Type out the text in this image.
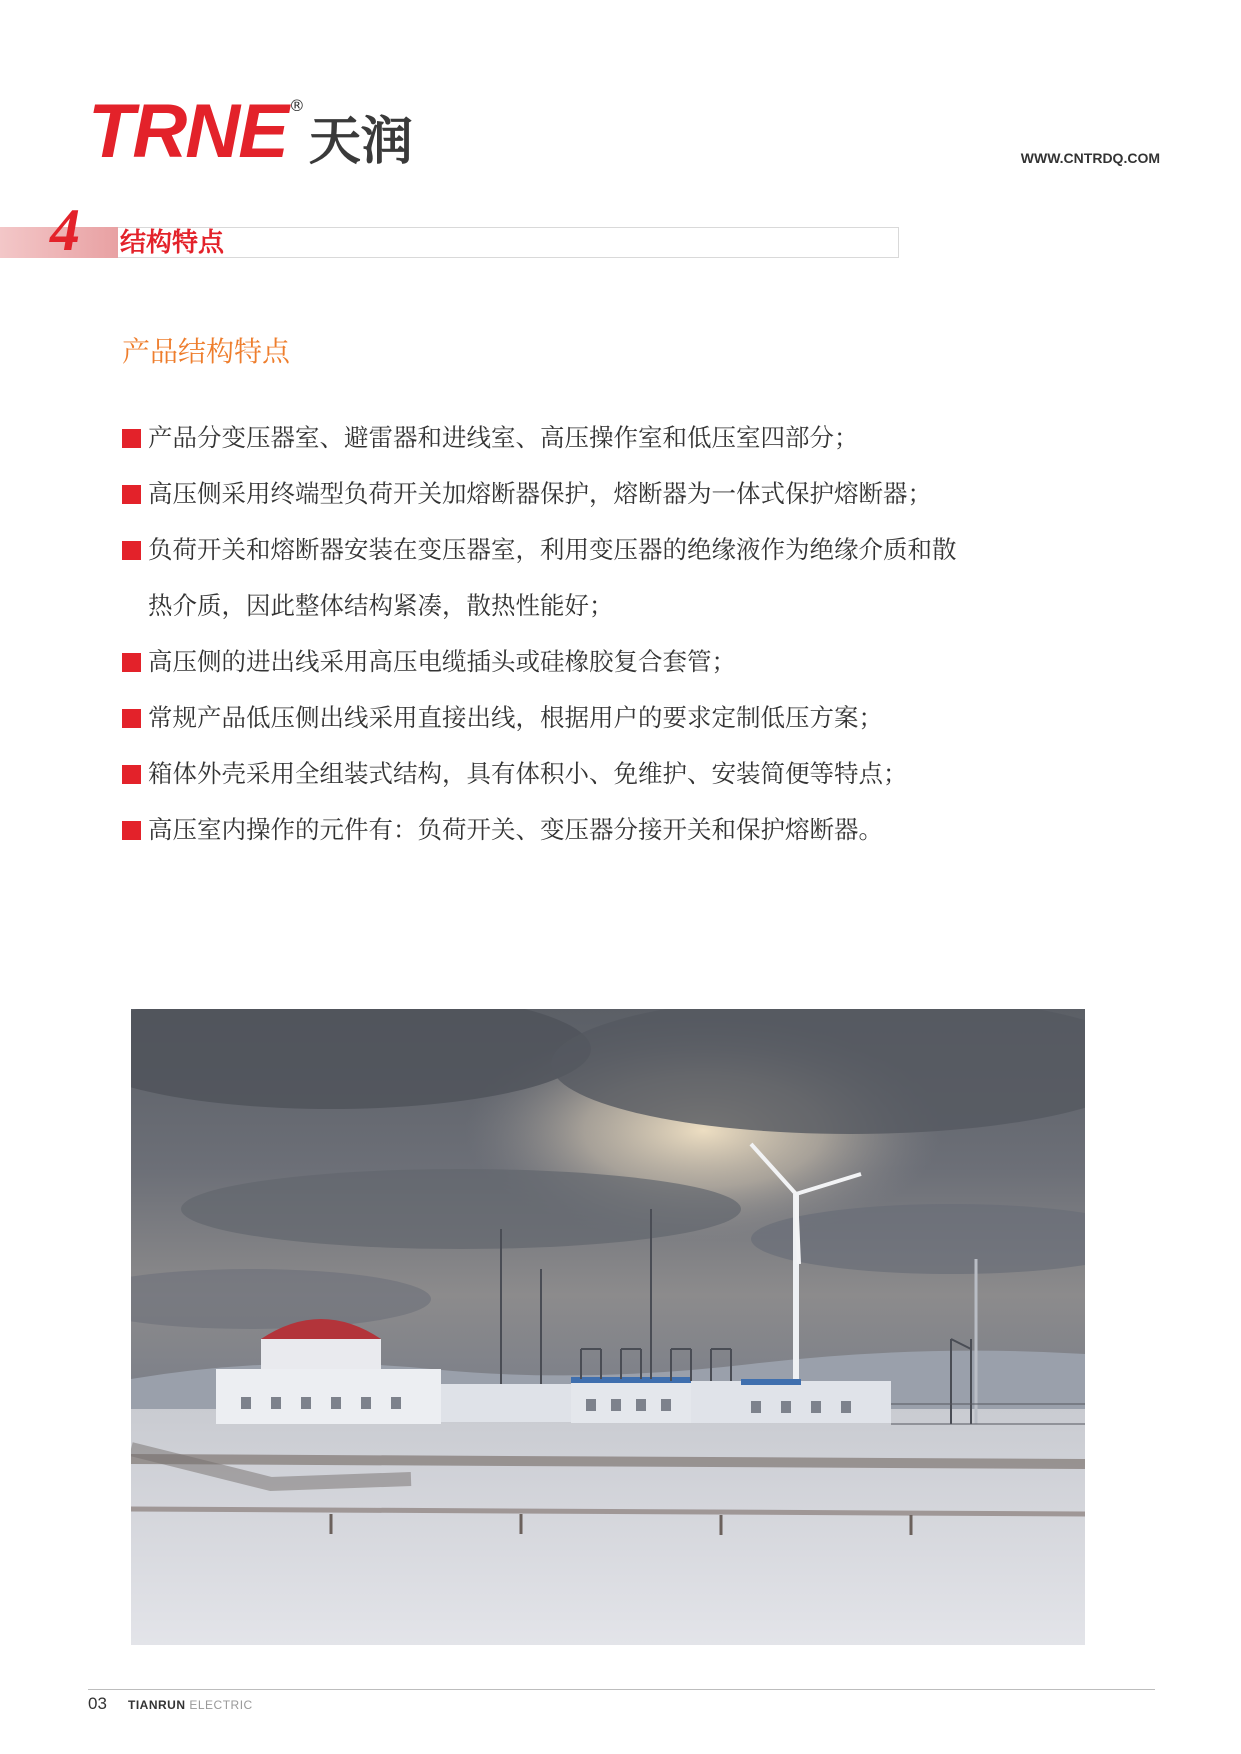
TRNE ®
天润	WWW.CNTRDQ.COM
4 结构特点
产品结构特点
产品分变压器室、避雷器和进线室、高压操作室和低压室四部分；
高压侧采用终端型负荷开关加熔断器保护，熔断器为一体式保护熔断器；
负荷开关和熔断器安装在变压器室，利用变压器的绝缘液作为绝缘介质和散热介质，因此整体结构紧凑，散热性能好；
高压侧的进出线采用高压电缆插头或硅橡胶复合套管；
常规产品低压侧出线采用直接出线，根据用户的要求定制低压方案；
箱体外壳采用全组装式结构，具有体积小、免维护、安装简便等特点；
高压室内操作的元件有：负荷开关、变压器分接开关和保护熔断器。
03 TIANRUN ELECTRIC
